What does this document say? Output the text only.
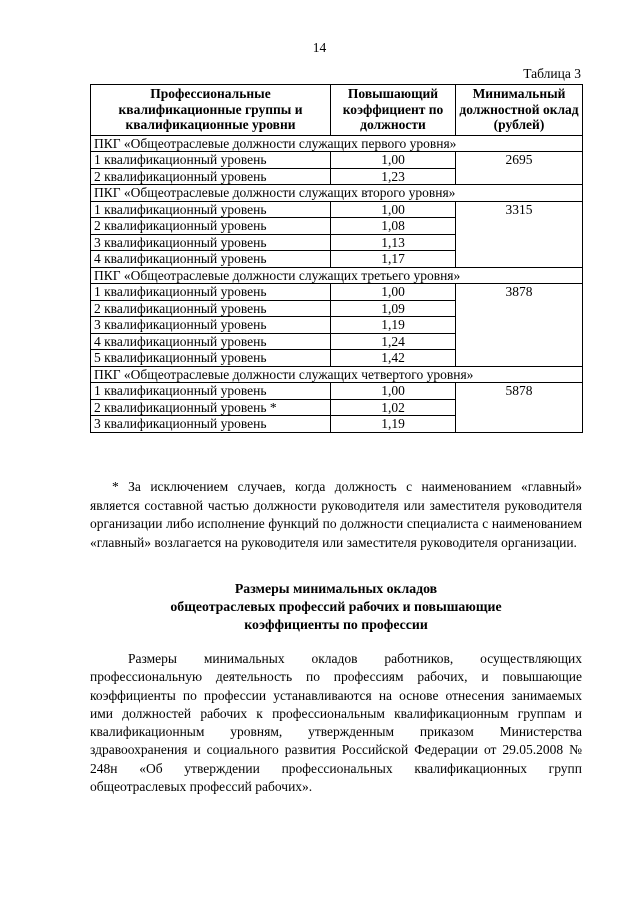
14
Таблица 3
Профессиональные квалификационные группы и квалификационные уровни	Повышающий коэффициент по должности	Минимальный должностной оклад (рублей)
ПКГ «Общеотраслевые должности служащих первого уровня»		
1 квалификационный уровень	1,00	2695
2 квалификационный уровень	1,23	
ПКГ «Общеотраслевые должности служащих второго уровня»		
1 квалификационный уровень	1,00	3315
2 квалификационный уровень	1,08	
3 квалификационный уровень	1,13	
4 квалификационный уровень	1,17	
ПКГ «Общеотраслевые должности служащих третьего уровня»		
1 квалификационный уровень	1,00	3878
2 квалификационный уровень	1,09	
3 квалификационный уровень	1,19	
4 квалификационный уровень	1,24	
5 квалификационный уровень	1,42	
ПКГ «Общеотраслевые должности служащих четвертого уровня»		
1 квалификационный уровень	1,00	5878
2 квалификационный уровень *	1,02	
3 квалификационный уровень	1,19	

* За исключением случаев, когда должность с наименованием «главный» является составной частью должности руководителя или заместителя руководителя организации либо исполнение функций по должности специалиста с наименованием «главный» возлагается на руководителя или заместителя руководителя организации.

Размеры минимальных окладов
общеотраслевых профессий рабочих и повышающие
коэффициенты по профессии

Размеры минимальных окладов работников, осуществляющих профессиональную деятельность по профессиям рабочих, и повышающие коэффициенты по профессии устанавливаются на основе отнесения занимаемых ими должностей рабочих к профессиональным квалификационным группам и квалификационным уровням, утвержденным приказом Министерства здравоохранения и социального развития Российской Федерации от 29.05.2008 № 248н «Об утверждении профессиональных квалификационных групп общеотраслевых профессий рабочих».
